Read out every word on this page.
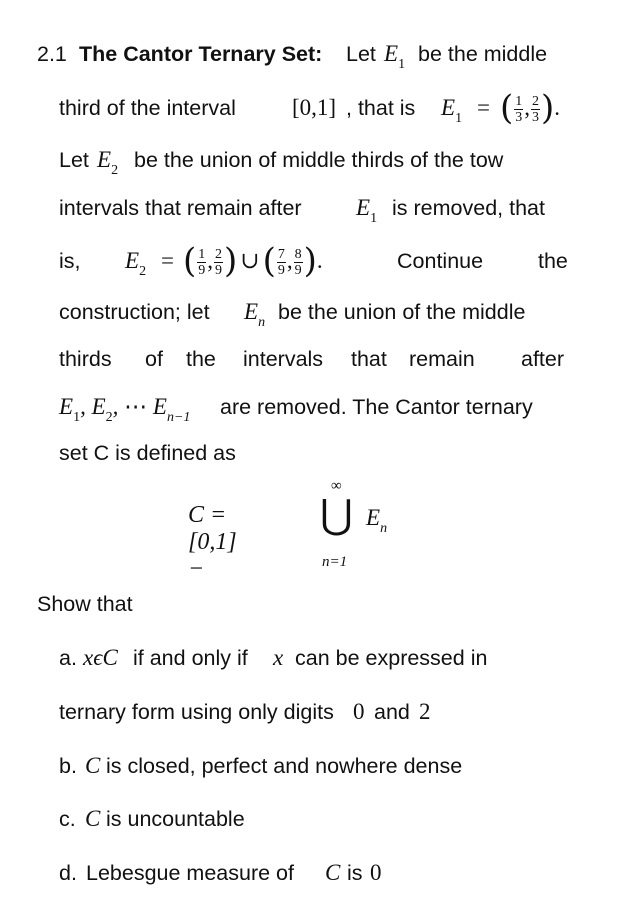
2.1 The Cantor Ternary Set: Let $E_1$ be the middle
third of the interval [0,1] , that is $E_1$ = ( $\frac{1}{3}$ , $\frac{2}{3}$ ).
Let $E_2$ be the union of middle thirds of the tow
intervals that remain after $E_1$ is removed, that
is, $E_2$ = ( $\frac{1}{9}$ , $\frac{2}{9}$ ) ∪( $\frac{7}{9}$ , $\frac{8}{9}$ ).	Continue	the
construction; let $E_n$ be the union of the middle
thirds of the intervals that remain after
$E_1$, $E_2$, ⋯ $E_{n-1}$ are removed. The Cantor ternary
set C is defined as
C = [0,1] −
∞
⋃
n=1
$E_n$
Show that
a. xϵC if and only if x can be expressed in
ternary form using only digits 0 and 2
b. C is closed, perfect and nowhere dense
c. C is uncountable
d. Lebesgue measure of C is 0
